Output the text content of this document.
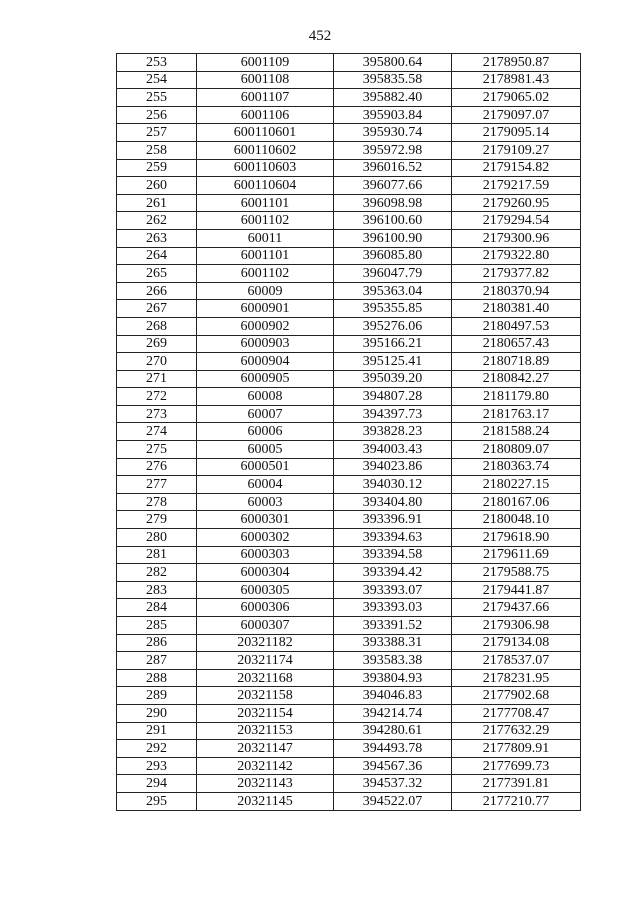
452
253	6001109	395800.64	2178950.87
254	6001108	395835.58	2178981.43
255	6001107	395882.40	2179065.02
256	6001106	395903.84	2179097.07
257	600110601	395930.74	2179095.14
258	600110602	395972.98	2179109.27
259	600110603	396016.52	2179154.82
260	600110604	396077.66	2179217.59
261	6001101	396098.98	2179260.95
262	6001102	396100.60	2179294.54
263	60011	396100.90	2179300.96
264	6001101	396085.80	2179322.80
265	6001102	396047.79	2179377.82
266	60009	395363.04	2180370.94
267	6000901	395355.85	2180381.40
268	6000902	395276.06	2180497.53
269	6000903	395166.21	2180657.43
270	6000904	395125.41	2180718.89
271	6000905	395039.20	2180842.27
272	60008	394807.28	2181179.80
273	60007	394397.73	2181763.17
274	60006	393828.23	2181588.24
275	60005	394003.43	2180809.07
276	6000501	394023.86	2180363.74
277	60004	394030.12	2180227.15
278	60003	393404.80	2180167.06
279	6000301	393396.91	2180048.10
280	6000302	393394.63	2179618.90
281	6000303	393394.58	2179611.69
282	6000304	393394.42	2179588.75
283	6000305	393393.07	2179441.87
284	6000306	393393.03	2179437.66
285	6000307	393391.52	2179306.98
286	20321182	393388.31	2179134.08
287	20321174	393583.38	2178537.07
288	20321168	393804.93	2178231.95
289	20321158	394046.83	2177902.68
290	20321154	394214.74	2177708.47
291	20321153	394280.61	2177632.29
292	20321147	394493.78	2177809.91
293	20321142	394567.36	2177699.73
294	20321143	394537.32	2177391.81
295	20321145	394522.07	2177210.77
